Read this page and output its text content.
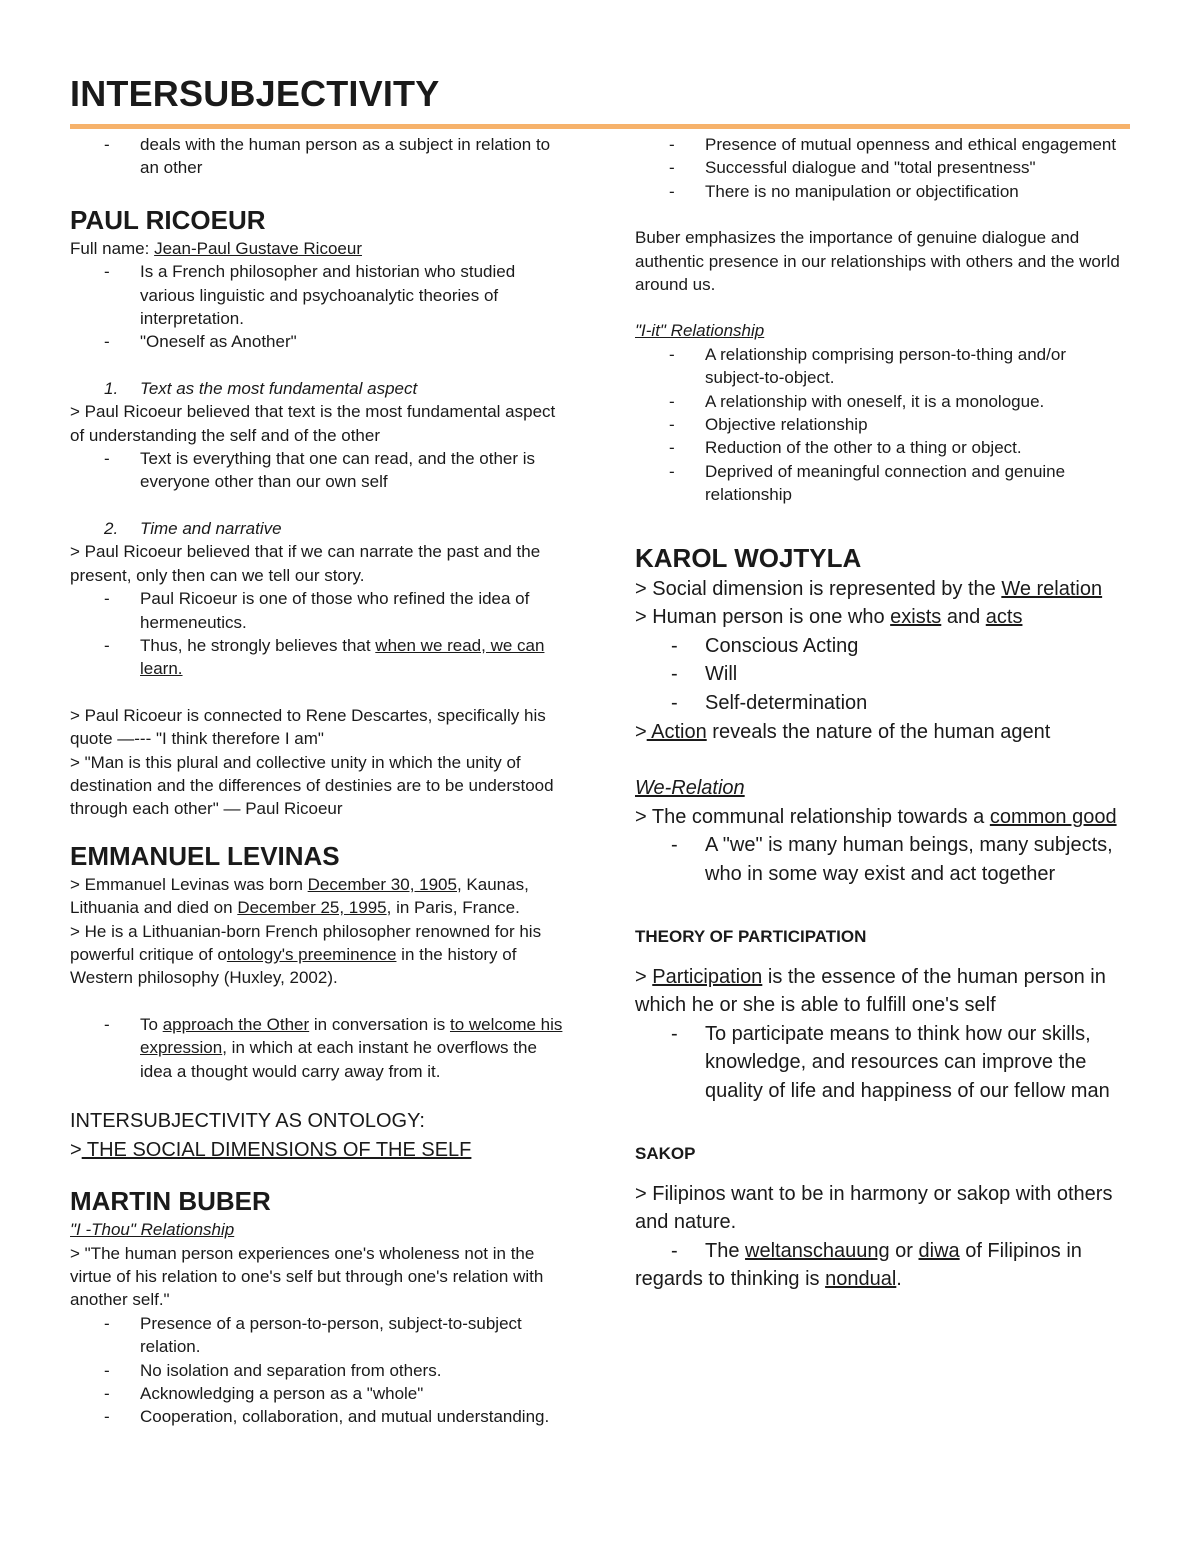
INTERSUBJECTIVITY
-	deals with the human person as a subject in relation to an other
PAUL RICOEUR

Full name: Jean-Paul Gustave Ricoeur

-	Is a French philosopher and historian who studied various linguistic and psychoanalytic theories of interpretation.
-	"Oneself as Another"
1.	Text as the most fundamental aspect

> Paul Ricoeur believed that text is the most fundamental aspect of understanding the self and of the other

-	Text is everything that one can read, and the other is everyone other than our own self
2.	Time and narrative

> Paul Ricoeur believed that if we can narrate the past and the present, only then can we tell our story.

-	Paul Ricoeur is one of those who refined the idea of hermeneutics.
-	Thus, he strongly believes that when we read, we can learn.

> Paul Ricoeur is connected to Rene Descartes, specifically his quote —--- "I think therefore I am"

> "Man is this plural and collective unity in which the unity of destination and the differences of destinies are to be understood through each other" — Paul Ricoeur

EMMANUEL LEVINAS

> Emmanuel Levinas was born December 30, 1905, Kaunas, Lithuania and died on December 25, 1995, in Paris, France.

> He is a Lithuanian-born French philosopher renowned for his powerful critique of ontology's preeminence in the history of Western philosophy (Huxley, 2002).

-	To approach the Other in conversation is to welcome his expression, in which at each instant he overflows the idea a thought would carry away from it.

INTERSUBJECTIVITY AS ONTOLOGY:

> THE SOCIAL DIMENSIONS OF THE SELF

MARTIN BUBER

"I -Thou" Relationship

> "The human person experiences one's wholeness not in the virtue of his relation to one's self but through one's relation with another self."

-	Presence of a person-to-person, subject-to-subject relation.
-	No isolation and separation from others.
-	Acknowledging a person as a "whole"
-	Cooperation, collaboration, and mutual understanding.
-	Presence of mutual openness and ethical engagement
-	Successful dialogue and "total presentness"
-	There is no manipulation or objectification

Buber emphasizes the importance of genuine dialogue and authentic presence in our relationships with others and the world around us.

"I-it" Relationship

-	A relationship comprising person-to-thing and/or subject-to-object.
-	A relationship with oneself, it is a monologue.
-	Objective relationship
-	Reduction of the other to a thing or object.
-	Deprived of meaningful connection and genuine relationship
KAROL WOJTYLA

> Social dimension is represented by the We relation

> Human person is one who exists and acts

-	Conscious Acting
-	Will
-	Self-determination

> Action reveals the nature of the human agent

We-Relation

> The communal relationship towards a common good

-	A "we" is many human beings, many subjects, who in some way exist and act together
THEORY OF PARTICIPATION

> Participation is the essence of the human person in which he or she is able to fulfill one's self

-	To participate means to think how our skills, knowledge, and resources can improve the quality of life and happiness of our fellow man
SAKOP

> Filipinos want to be in harmony or sakop with others and nature.

- The weltanschauung or diwa of Filipinos in regards to thinking is nondual.
